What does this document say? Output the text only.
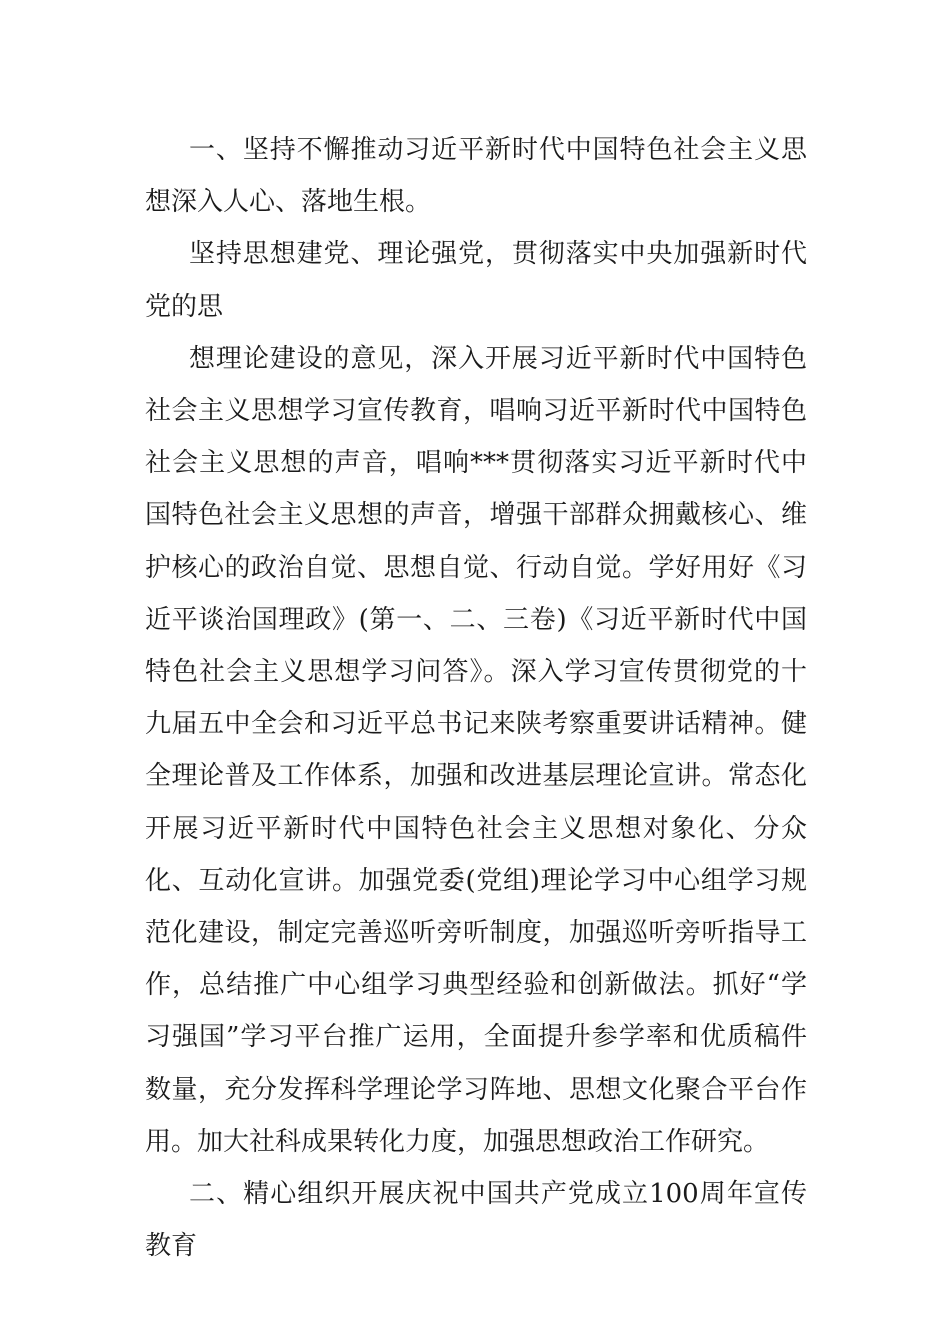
一、坚持不懈推动习近平新时代中国特色社会主义思想深入人心、落地生根。

坚持思想建党、理论强党，贯彻落实中央加强新时代党的思

想理论建设的意见，深入开展习近平新时代中国特色社会主义思想学习宣传教育，唱响习近平新时代中国特色社会主义思想的声音，唱响***贯彻落实习近平新时代中国特色社会主义思想的声音，增强干部群众拥戴核心、维护核心的政治自觉、思想自觉、行动自觉。学好用好《习近平谈治国理政》(第一、二、三卷)《习近平新时代中国特色社会主义思想学习问答》。深入学习宣传贯彻党的十九届五中全会和习近平总书记来陕考察重要讲话精神。健全理论普及工作体系，加强和改进基层理论宣讲。常态化开展习近平新时代中国特色社会主义思想对象化、分众化、互动化宣讲。加强党委(党组)理论学习中心组学习规范化建设，制定完善巡听旁听制度，加强巡听旁听指导工作，总结推广中心组学习典型经验和创新做法。抓好“学习强国”学习平台推广运用，全面提升参学率和优质稿件数量，充分发挥科学理论学习阵地、思想文化聚合平台作用。加大社科成果转化力度，加强思想政治工作研究。

二、精心组织开展庆祝中国共产党成立100周年宣传教育
